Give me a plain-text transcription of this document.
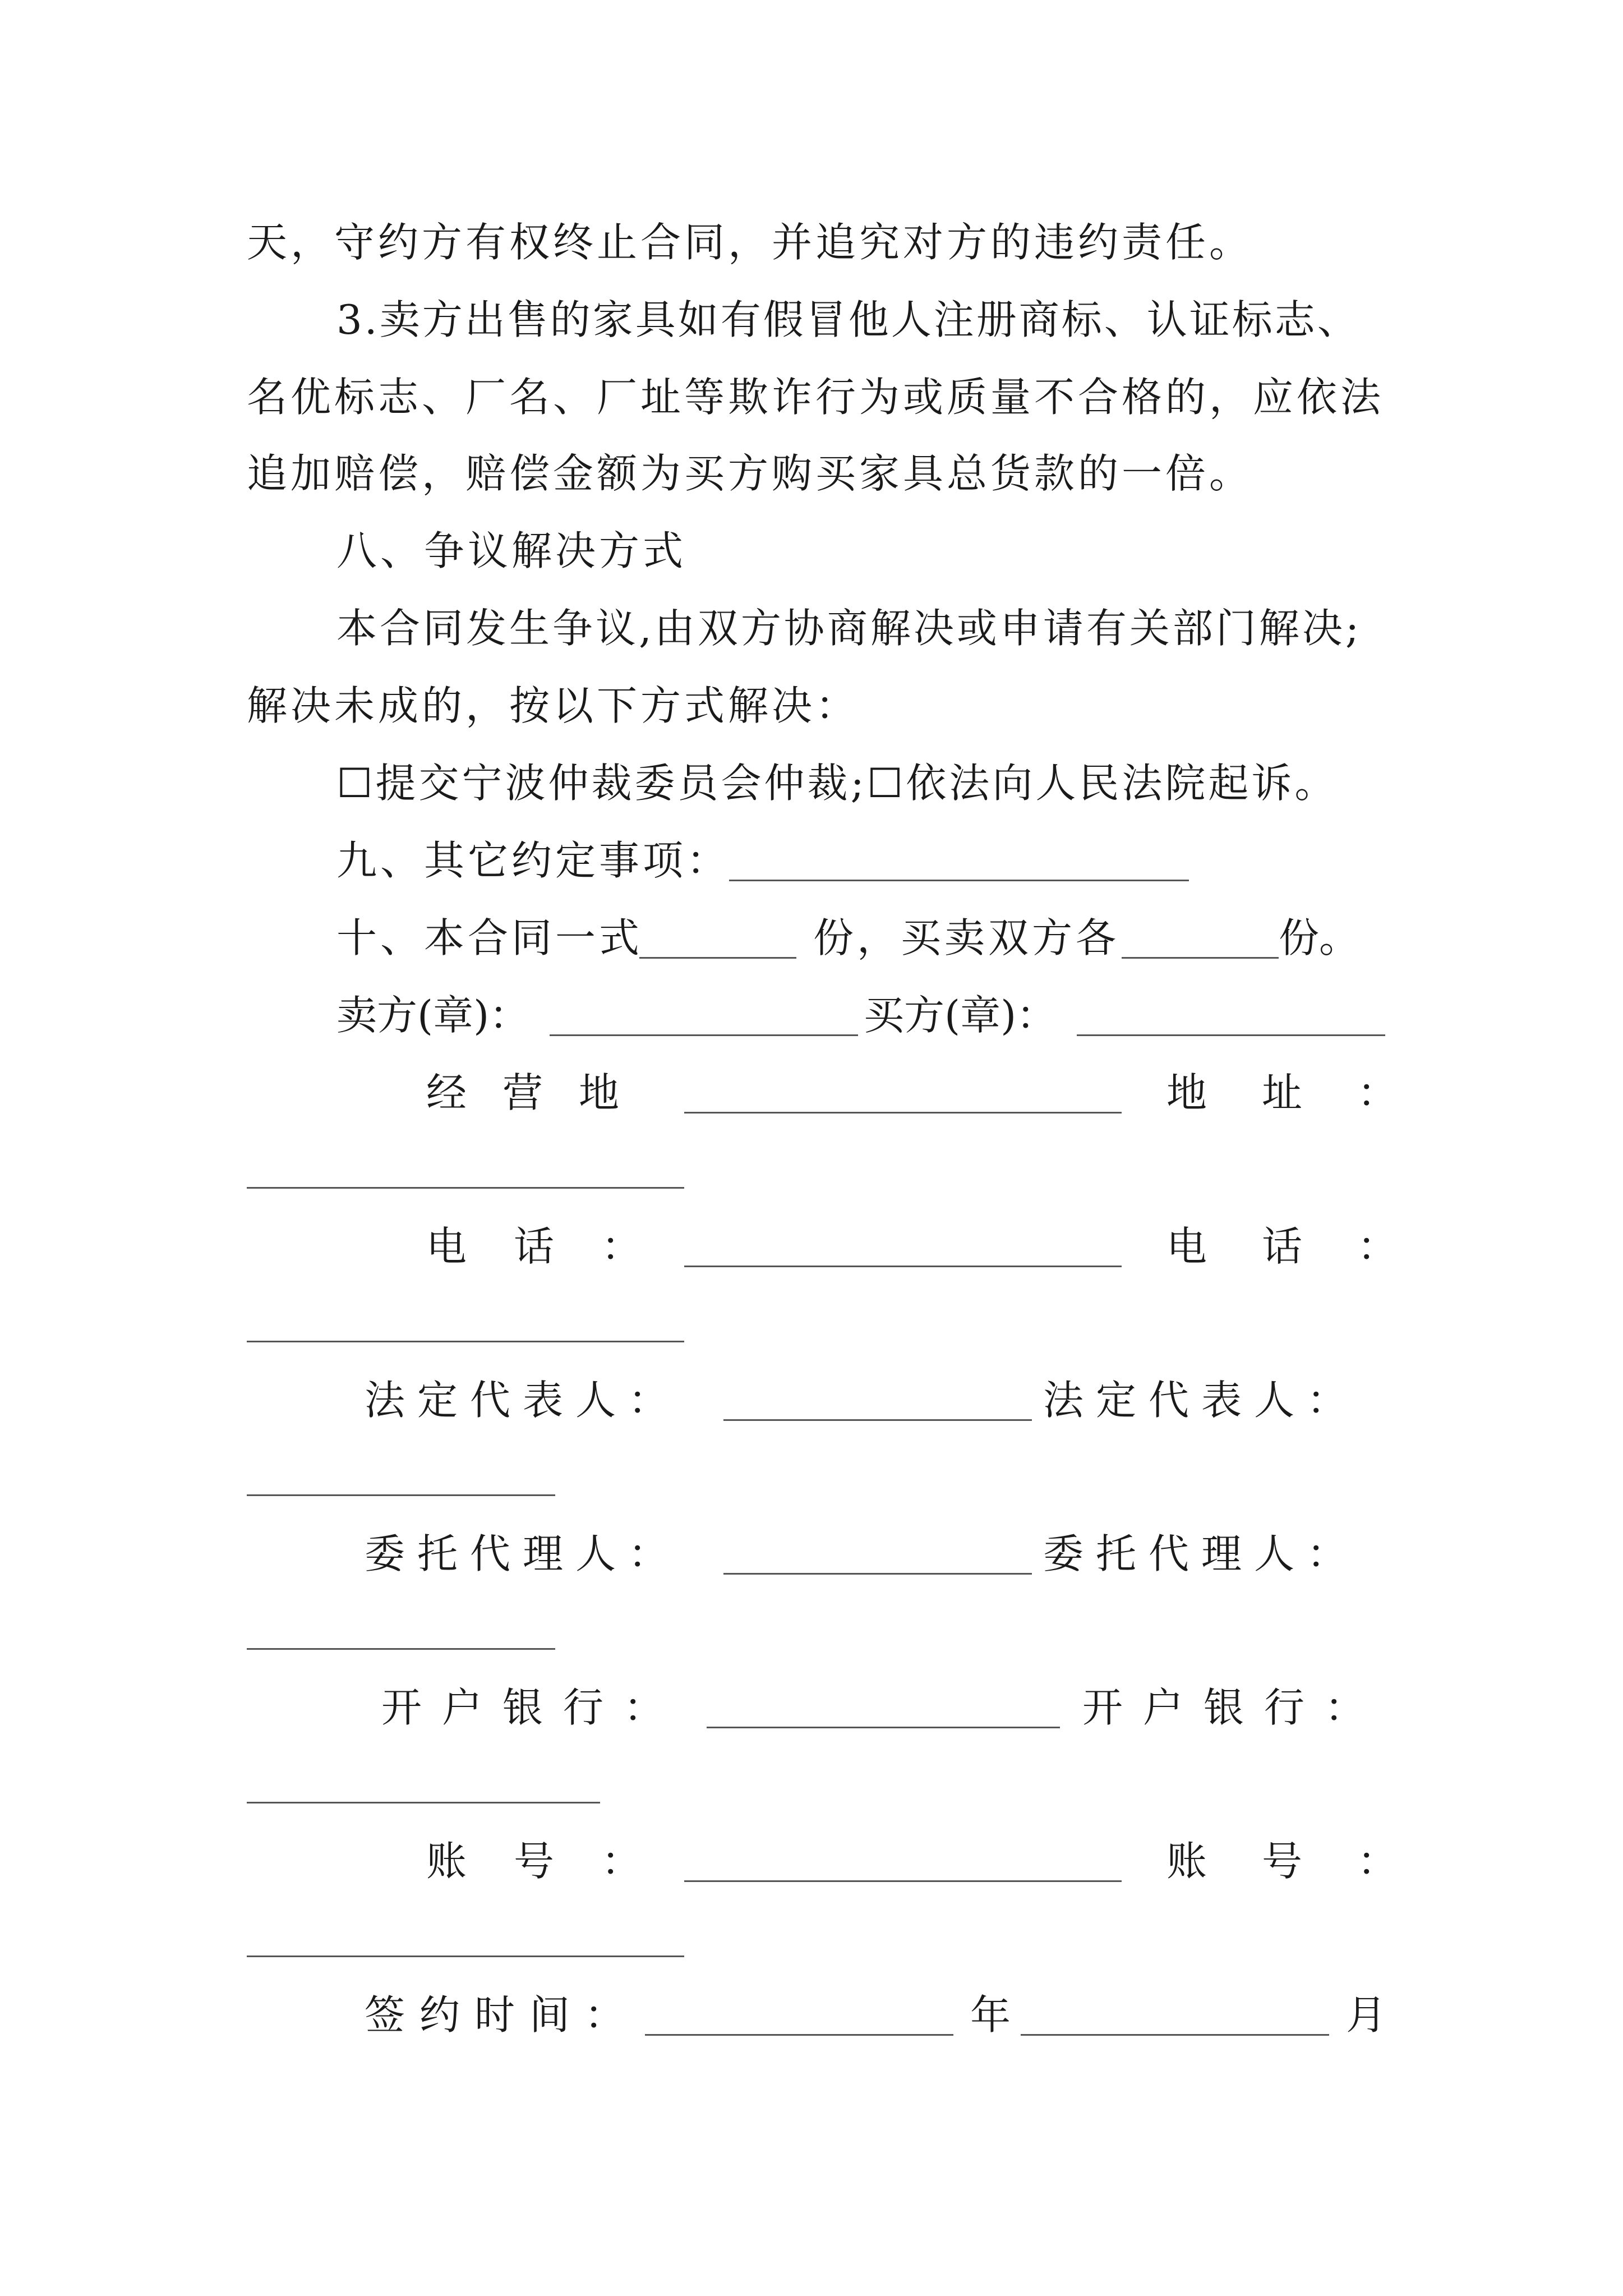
天，守约方有权终止合同，并追究对方的违约责任。
3.卖方出售的家具如有假冒他人注册商标、认证标志、
名优标志、厂名、厂址等欺诈行为或质量不合格的，应依法
追加赔偿，赔偿金额为买方购买家具总货款的一倍。
八、争议解决方式
本合同发生争议,由双方协商解决或申请有关部门解决;
解决未成的，按以下方式解决：
☐提交宁波仲裁委员会仲裁;☐依法向人民法院起诉。
九、其它约定事项：
十、本合同一式	份，买卖双方各	份。
卖方(章)：	买方(章)：
经营地	地址：
电话：	电话：
法定代表人：	法定代表人：
委托代理人：	委托代理人：
开户银行：	开户银行：
账号：	账号：
签约时间：	年	月
